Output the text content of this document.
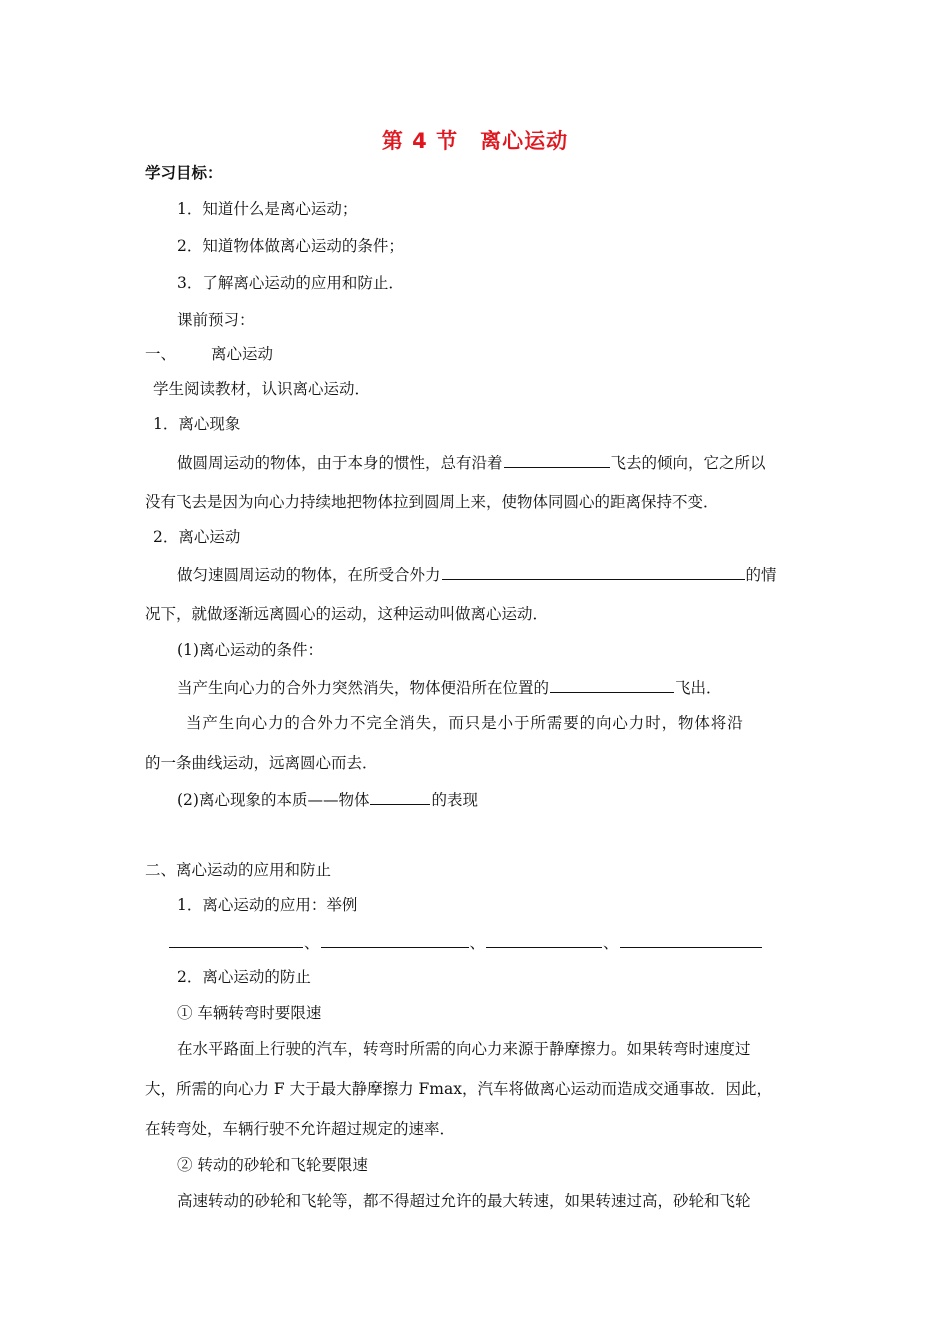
第 4 节　离心运动
学习目标：
1．知道什么是离心运动；
2．知道物体做离心运动的条件；
3．了解离心运动的应用和防止．
课前预习：
一、 离心运动
学生阅读教材，认识离心运动．
1．离心现象
做圆周运动的物体，由于本身的惯性，总有沿着	飞去的倾向，它之所以
没有飞去是因为向心力持续地把物体拉到圆周上来，使物体同圆心的距离保持不变．
2．离心运动
做匀速圆周运动的物体，在所受合外力	的情
况下，就做逐渐远离圆心的运动，这种运动叫做离心运动．
(1)离心运动的条件：
当产生向心力的合外力突然消失，物体便沿所在位置的	飞出．
当产生向心力的合外力不完全消失，而只是小于所需要的向心力时，物体将沿
的一条曲线运动，远离圆心而去．
(2)离心现象的本质——物体	的表现
二、离心运动的应用和防止
1．离心运动的应用：举例
、	、	、
2．离心运动的防止
① 车辆转弯时要限速
在水平路面上行驶的汽车，转弯时所需的向心力来源于静摩擦力。如果转弯时速度过
大，所需的向心力 F 大于最大静摩擦力 Fmax，汽车将做离心运动而造成交通事故．因此，
在转弯处，车辆行驶不允许超过规定的速率．
② 转动的砂轮和飞轮要限速
高速转动的砂轮和飞轮等，都不得超过允许的最大转速，如果转速过高，砂轮和飞轮
